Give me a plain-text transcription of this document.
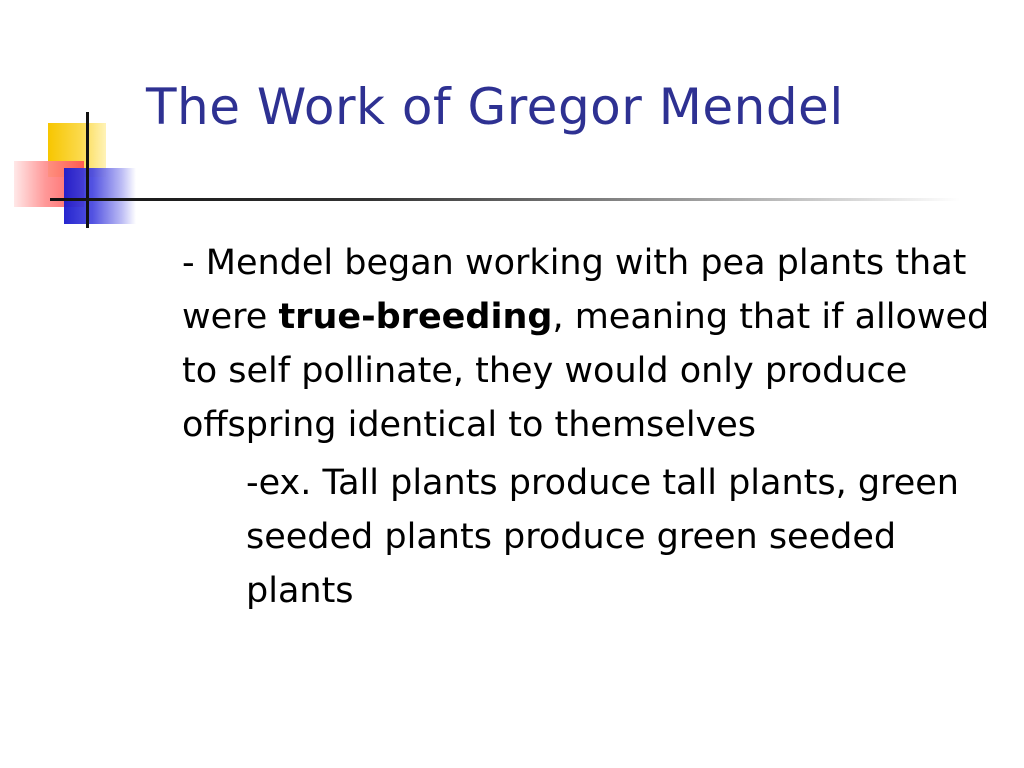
The Work of Gregor Mendel

- Mendel began working with pea plants that were true-breeding, meaning that if allowed to self pollinate, they would only produce offspring identical to themselves

-ex. Tall plants produce tall plants, green seeded plants produce green seeded plants
